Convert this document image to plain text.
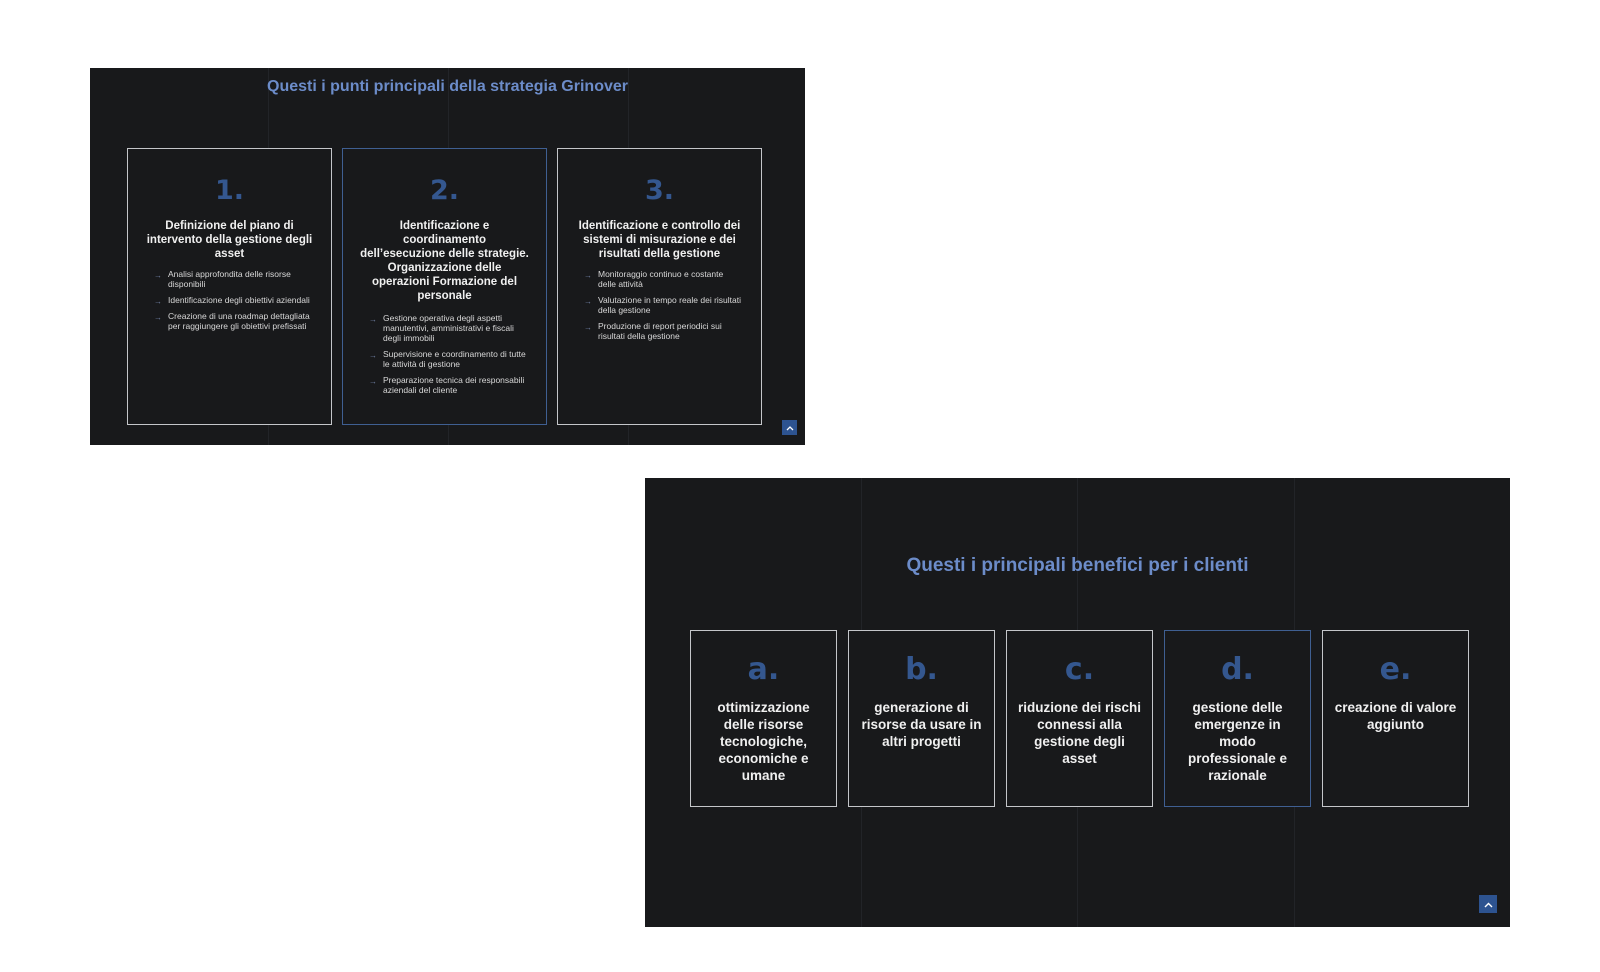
Questi i punti principali della strategia Grinover
1.
Definizione del piano di intervento della gestione degli asset
→ Analisi approfondita delle risorse disponibili
→ Identificazione degli obiettivi aziendali
→ Creazione di una roadmap dettagliata per raggiungere gli obiettivi prefissati
2.
Identificazione e coordinamento dell’esecuzione delle strategie. Organizzazione delle operazioni Formazione del personale
→ Gestione operativa degli aspetti manutentivi, amministrativi e fiscali degli immobili
→ Supervisione e coordinamento di tutte le attività di gestione
→ Preparazione tecnica dei responsabili aziendali del cliente
3.
Identificazione e controllo dei sistemi di misurazione e dei risultati della gestione
→ Monitoraggio continuo e costante delle attività
→ Valutazione in tempo reale dei risultati della gestione
→ Produzione di report periodici sui risultati della gestione
Questi i principali benefici per i clienti
a.
ottimizzazione delle risorse tecnologiche, economiche e umane
b.
generazione di risorse da usare in altri progetti
c.
riduzione dei rischi connessi alla gestione degli asset
d.
gestione delle emergenze in modo professionale e razionale
e.
creazione di valore aggiunto
